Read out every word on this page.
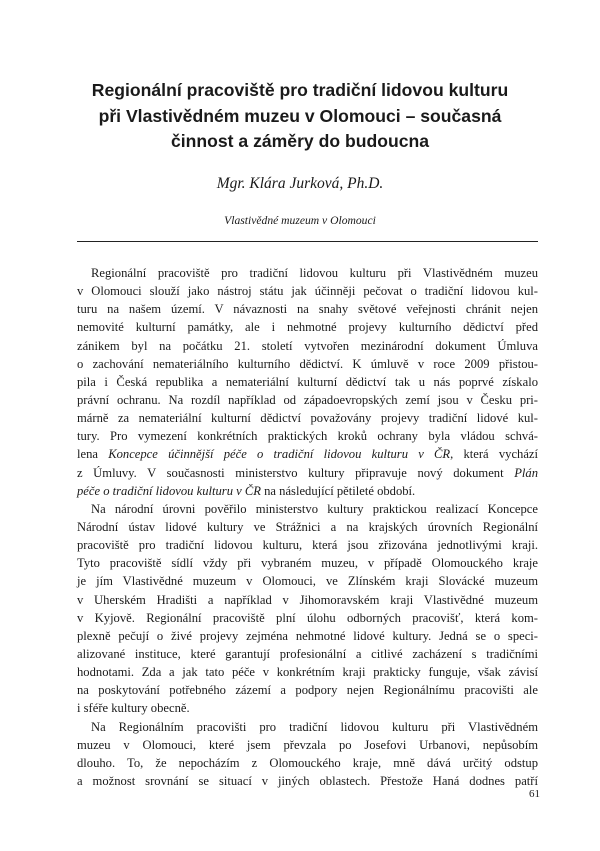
Regionální pracoviště pro tradiční lidovou kulturu
při Vlastivědném muzeu v Olomouci – současná
činnost a záměry do budoucna

Mgr. Klára Jurková, Ph.D.

Vlastivědné muzeum v Olomouci

Regionální pracoviště pro tradiční lidovou kulturu při Vlastivědném muzeu
v Olomouci slouží jako nástroj státu jak účinněji pečovat o tradiční lidovou kul-
turu na našem území. V návaznosti na snahy světové veřejnosti chránit nejen
nemovité kulturní památky, ale i nehmotné projevy kulturního dědictví před
zánikem byl na počátku 21. století vytvořen mezinárodní dokument Úmluva
o zachování nemateriálního kulturního dědictví. K úmluvě v roce 2009 přistou-
pila i Česká republika a nemateriální kulturní dědictví tak u nás poprvé získalo
právní ochranu. Na rozdíl například od západoevropských zemí jsou v Česku pri-
márně za nemateriální kulturní dědictví považovány projevy tradiční lidové kul-
tury. Pro vymezení konkrétních praktických kroků ochrany byla vládou schvá-
lena Koncepce účinnější péče o tradiční lidovou kulturu v ČR, která vychází
z Úmluvy. V současnosti ministerstvo kultury připravuje nový dokument Plán
péče o tradiční lidovou kulturu v ČR na následující pětileté období.
Na národní úrovni pověřilo ministerstvo kultury praktickou realizací Koncepce
Národní ústav lidové kultury ve Strážnici a na krajských úrovních Regionální
pracoviště pro tradiční lidovou kulturu, která jsou zřizována jednotlivými kraji.
Tyto pracoviště sídlí vždy při vybraném muzeu, v případě Olomouckého kraje
je jím Vlastivědné muzeum v Olomouci, ve Zlínském kraji Slovácké muzeum
v Uherském Hradišti a například v Jihomoravském kraji Vlastivědné muzeum
v Kyjově. Regionální pracoviště plní úlohu odborných pracovišť, která kom-
plexně pečují o živé projevy zejména nehmotné lidové kultury. Jedná se o speci-
alizované instituce, které garantují profesionální a citlivé zacházení s tradičními
hodnotami. Zda a jak tato péče v konkrétním kraji prakticky funguje, však závisí
na poskytování potřebného zázemí a podpory nejen Regionálnímu pracovišti ale
i sféře kultury obecně.
Na Regionálním pracovišti pro tradiční lidovou kulturu při Vlastivědném
muzeu v Olomouci, které jsem převzala po Josefovi Urbanovi, nepůsobím
dlouho. To, že nepocházím z Olomouckého kraje, mně dává určitý odstup
a možnost srovnání se situací v jiných oblastech. Přestože Haná dodnes patří
61
